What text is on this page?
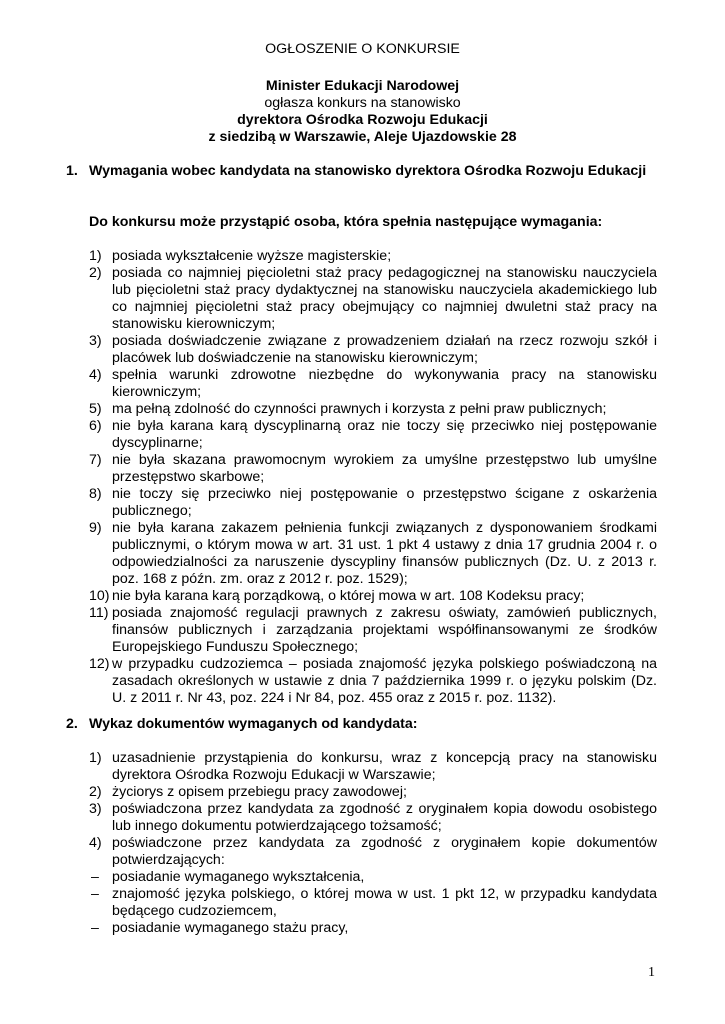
OGŁOSZENIE O KONKURSIE
Minister Edukacji Narodowej
ogłasza konkurs na stanowisko
dyrektora Ośrodka Rozwoju Edukacji
z siedzibą w Warszawie, Aleje Ujazdowskie 28
1. Wymagania wobec kandydata na stanowisko dyrektora Ośrodka Rozwoju Edukacji
Do konkursu może przystąpić osoba, która spełnia następujące wymagania:
1) posiada wykształcenie wyższe magisterskie;
2) posiada co najmniej pięcioletni staż pracy pedagogicznej na stanowisku nauczyciela lub pięcioletni staż pracy dydaktycznej na stanowisku nauczyciela akademickiego lub co najmniej pięcioletni staż pracy obejmujący co najmniej dwuletni staż pracy na stanowisku kierowniczym;
3) posiada doświadczenie związane z prowadzeniem działań na rzecz rozwoju szkół i placówek lub doświadczenie na stanowisku kierowniczym;
4) spełnia warunki zdrowotne niezbędne do wykonywania pracy na stanowisku kierowniczym;
5) ma pełną zdolność do czynności prawnych i korzysta z pełni praw publicznych;
6) nie była karana karą dyscyplinarną oraz nie toczy się przeciwko niej postępowanie dyscyplinarne;
7) nie była skazana prawomocnym wyrokiem za umyślne przestępstwo lub umyślne przestępstwo skarbowe;
8) nie toczy się przeciwko niej postępowanie o przestępstwo ścigane z oskarżenia publicznego;
9) nie była karana zakazem pełnienia funkcji związanych z dysponowaniem środkami publicznymi, o którym mowa w art. 31 ust. 1 pkt 4 ustawy z dnia 17 grudnia 2004 r. o odpowiedzialności za naruszenie dyscypliny finansów publicznych (Dz. U. z 2013 r. poz. 168 z późn. zm. oraz z 2012 r. poz. 1529);
10) nie była karana karą porządkową, o której mowa w art. 108 Kodeksu pracy;
11) posiada znajomość regulacji prawnych z zakresu oświaty, zamówień publicznych, finansów publicznych i zarządzania projektami współfinansowanymi ze środków Europejskiego Funduszu Społecznego;
12) w przypadku cudzoziemca – posiada znajomość języka polskiego poświadczoną na zasadach określonych w ustawie z dnia 7 października 1999 r. o języku polskim (Dz. U. z 2011 r. Nr 43, poz. 224 i Nr 84, poz. 455 oraz z 2015 r. poz. 1132).
2. Wykaz dokumentów wymaganych od kandydata:
1) uzasadnienie przystąpienia do konkursu, wraz z koncepcją pracy na stanowisku dyrektora Ośrodka Rozwoju Edukacji w Warszawie;
2) życiorys z opisem przebiegu pracy zawodowej;
3) poświadczona przez kandydata za zgodność z oryginałem kopia dowodu osobistego lub innego dokumentu potwierdzającego tożsamość;
4) poświadczone przez kandydata za zgodność z oryginałem kopie dokumentów potwierdzających:
– posiadanie wymaganego wykształcenia,
– znajomość języka polskiego, o której mowa w ust. 1 pkt 12, w przypadku kandydata będącego cudzoziemcem,
– posiadanie wymaganego stażu pracy,
1
